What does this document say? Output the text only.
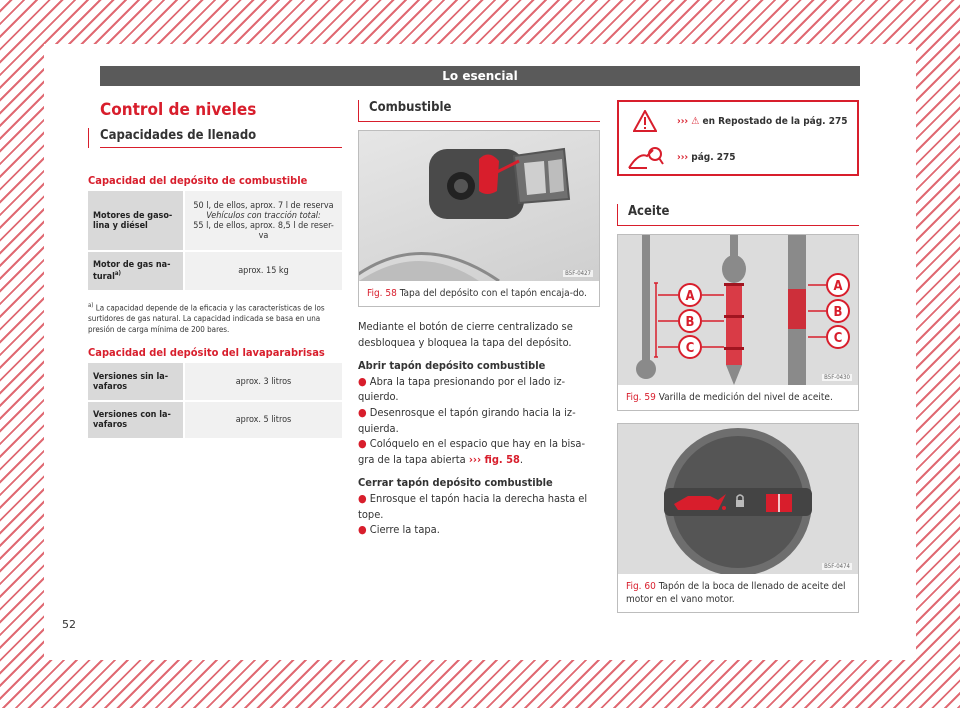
Lo esencial
Control de niveles
Capacidades de llenado
Capacidad del depósito de combustible
Motores de gaso-lina y diésel	50 l, de ellos, aprox. 7 l de reserva
Vehículos con tracción total:
55 l, de ellos, aprox. 8,5 l de reser-va

Motor de gas na-tural$^{a)}$	aprox. 15 kg
$^{a)}$ La capacidad depende de la eficacia y las características de los surtidores de gas natural. La capacidad indicada se basa en una presión de carga mínima de 200 bares.
Capacidad del depósito del lavaparabrisas
Versiones sin la-vafaros	aprox. 3 litros
Versiones con la-vafaros	aprox. 5 litros
Combustible
B5F-0427
Fig. 58 Tapa del depósito con el tapón encaja-do.
Mediante el botón de cierre centralizado se desbloquea y bloquea la tapa del depósito.
Abrir tapón depósito combustible
● Abra la tapa presionando por el lado iz-quierdo.
● Desenrosque el tapón girando hacia la iz-quierda.
● Colóquelo en el espacio que hay en la bisa-gra de la tapa abierta ››› fig. 58.
Cerrar tapón depósito combustible
● Enrosque el tapón hacia la derecha hasta el tope.
● Cierre la tapa.
››› ⚠ en Repostado de la pág. 275
››› pág. 275
Aceite
A
B
C
A
B
C
B5F-0430
Fig. 59 Varilla de medición del nivel de aceite.
B5F-0474
Fig. 60 Tapón de la boca de llenado de aceite del motor en el vano motor.
52
